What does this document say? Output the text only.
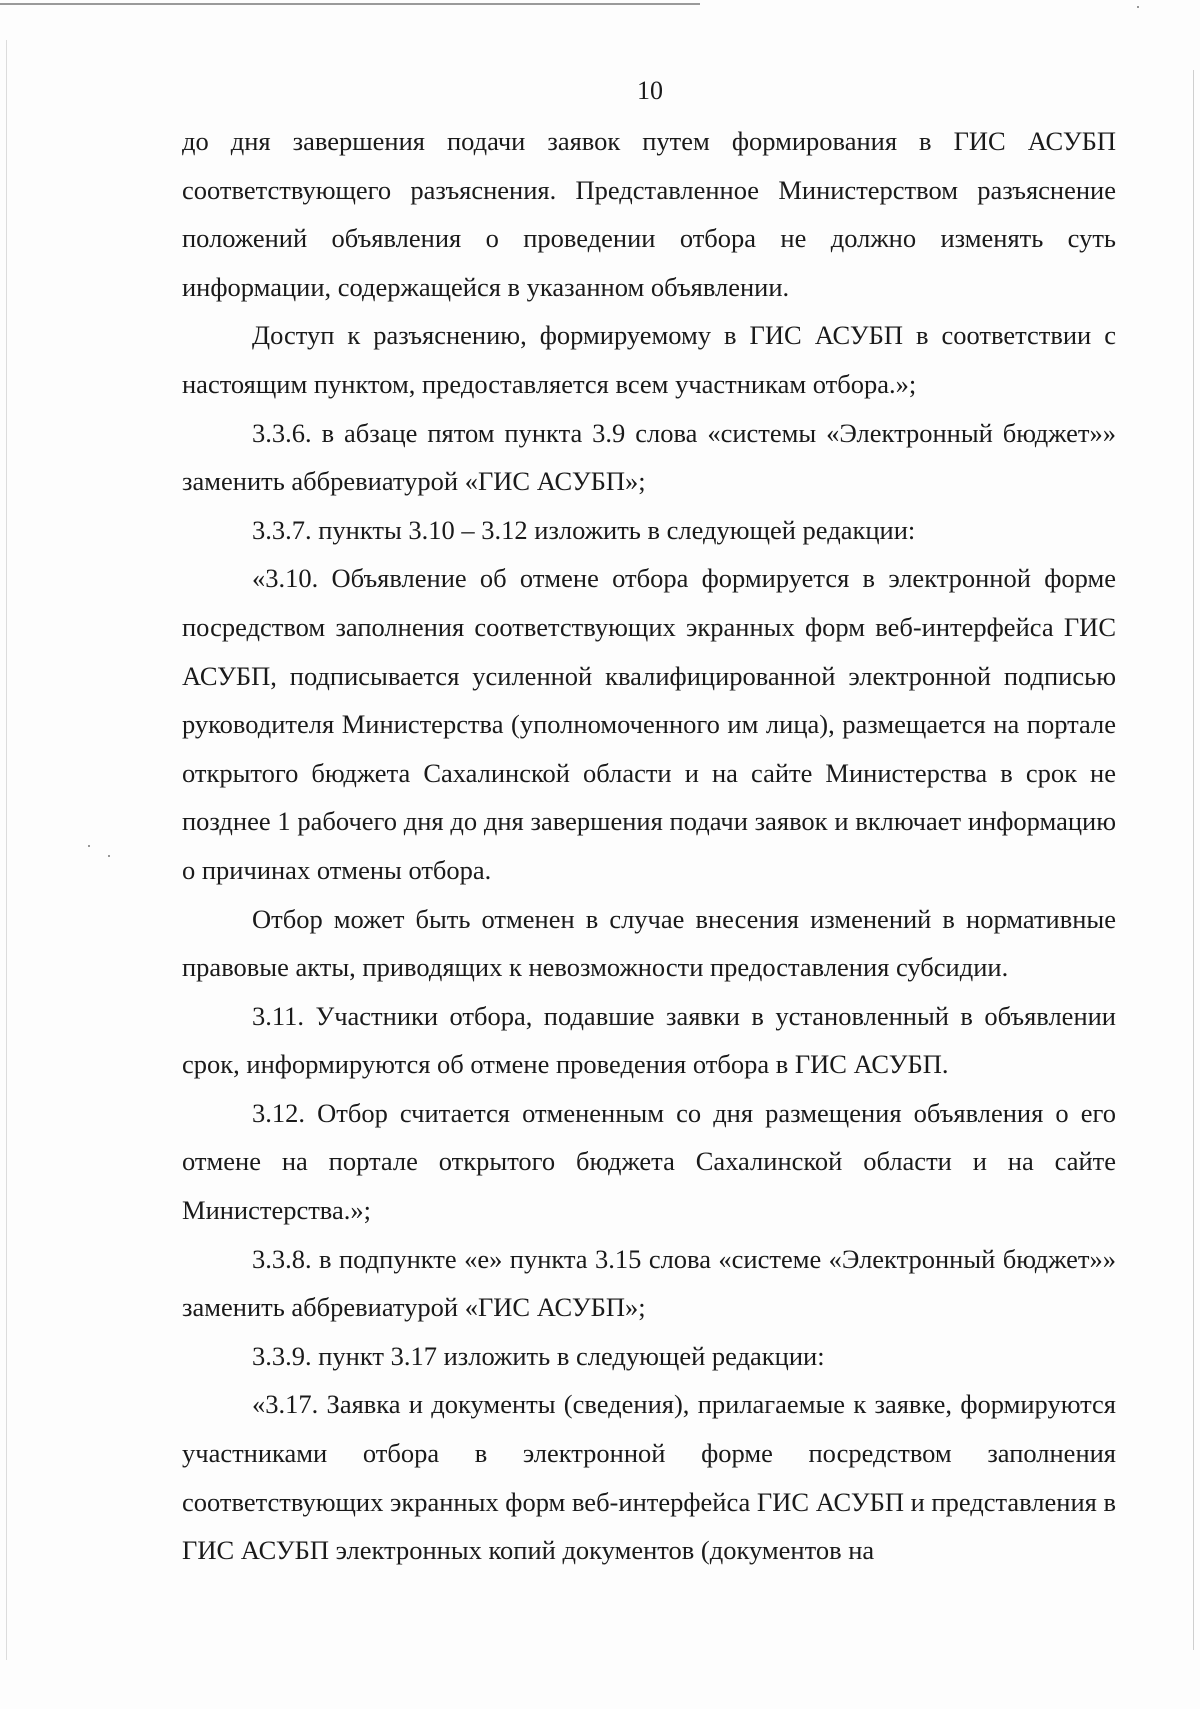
10

до дня завершения подачи заявок путем формирования в ГИС АСУБП соответствующего разъяснения. Представленное Министерством разъяснение положений объявления о проведении отбора не должно изменять суть информации, содержащейся в указанном объявлении.

Доступ к разъяснению, формируемому в ГИС АСУБП в соответствии с настоящим пунктом, предоставляется всем участникам отбора.»;

3.3.6. в абзаце пятом пункта 3.9 слова «системы «Электронный бюджет»» заменить аббревиатурой «ГИС АСУБП»;

3.3.7. пункты 3.10 – 3.12 изложить в следующей редакции:

«3.10. Объявление об отмене отбора формируется в электронной форме посредством заполнения соответствующих экранных форм веб-интерфейса ГИС АСУБП, подписывается усиленной квалифицированной электронной подписью руководителя Министерства (уполномоченного им лица), размещается на портале открытого бюджета Сахалинской области и на сайте Министерства в срок не позднее 1 рабочего дня до дня завершения подачи заявок и включает информацию о причинах отмены отбора.

Отбор может быть отменен в случае внесения изменений в нормативные правовые акты, приводящих к невозможности предоставления субсидии.

3.11. Участники отбора, подавшие заявки в установленный в объявлении срок, информируются об отмене проведения отбора в ГИС АСУБП.

3.12. Отбор считается отмененным со дня размещения объявления о его отмене на портале открытого бюджета Сахалинской области и на сайте Министерства.»;

3.3.8. в подпункте «е» пункта 3.15 слова «системе «Электронный бюджет»» заменить аббревиатурой «ГИС АСУБП»;

3.3.9. пункт 3.17 изложить в следующей редакции:

«3.17. Заявка и документы (сведения), прилагаемые к заявке, формируются участниками отбора в электронной форме посредством заполнения соответствующих экранных форм веб-интерфейса ГИС АСУБП и представления в ГИС АСУБП электронных копий документов (документов на
